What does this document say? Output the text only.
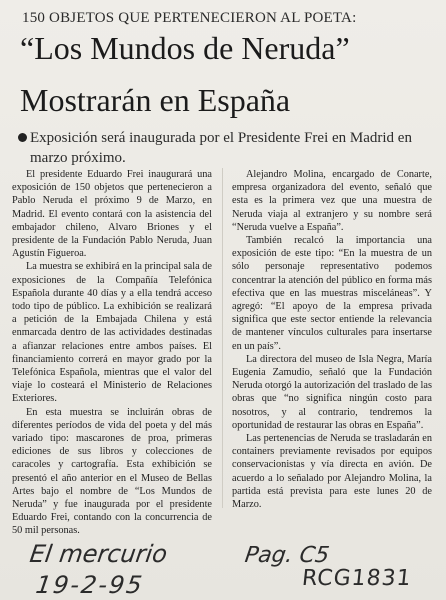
150 OBJETOS QUE PERTENECIERON AL POETA:
“Los Mundos de Neruda”
Mostrarán en España
Exposición será inaugurada por el Presidente Frei en Madrid en marzo próximo.

El presidente Eduardo Frei inaugurará una exposición de 150 objetos que pertenecieron a Pablo Neruda el próximo 9 de Marzo, en Madrid. El evento contará con la asistencia del embajador chileno, Alvaro Briones y el presidente de la Fundación Pablo Neruda, Juan Agustín Figueroa.

La muestra se exhibirá en la principal sala de exposiciones de la Compañía Telefónica Española durante 40 días y a ella tendrá acceso todo tipo de público. La exhibición se realizará a petición de la Embajada Chilena y está enmarcada dentro de las actividades destinadas a afianzar relaciones entre ambos países. El financiamiento correrá en mayor grado por la Telefónica Española, mientras que el valor del viaje lo costeará el Ministerio de Relaciones Exteriores.

En esta muestra se incluirán obras de diferentes períodos de vida del poeta y del más variado tipo: mascarones de proa, primeras ediciones de sus libros y colecciones de caracoles y cartografía. Esta exhibición se presentó el año anterior en el Museo de Bellas Artes bajo el nombre de “Los Mundos de Neruda” y fue inaugurada por el presidente Eduardo Frei, contando con la concurrencia de 50 mil personas.

Alejandro Molina, encargado de Conarte, empresa organizadora del evento, señaló que esta es la primera vez que una muestra de Neruda viaja al extranjero y su nombre será “Neruda vuelve a España”.

También recalcó la importancia una exposición de este tipo: “En la muestra de un sólo personaje representativo podemos concentrar la atención del público en forma más efectiva que en las muestras misceláneas”. Y agregó: “El apoyo de la empresa privada significa que este sector entiende la relevancia de mantener vínculos culturales para insertarse en un país”.

La directora del museo de Isla Negra, María Eugenia Zamudio, señaló que la Fundación Neruda otorgó la autorización del traslado de las obras que “no significa ningún costo para nosotros, y al contrario, tendremos la oportunidad de restaurar las obras en España”.

Las pertenencias de Neruda se trasladarán en containers previamente revisados por equipos conservacionistas y vía directa en avión. De acuerdo a lo señalado por Alejandro Molina, la partida está prevista para este lunes 20 de Marzo.

El mercurio
19-2-95
Pag. C5
RCG1831
